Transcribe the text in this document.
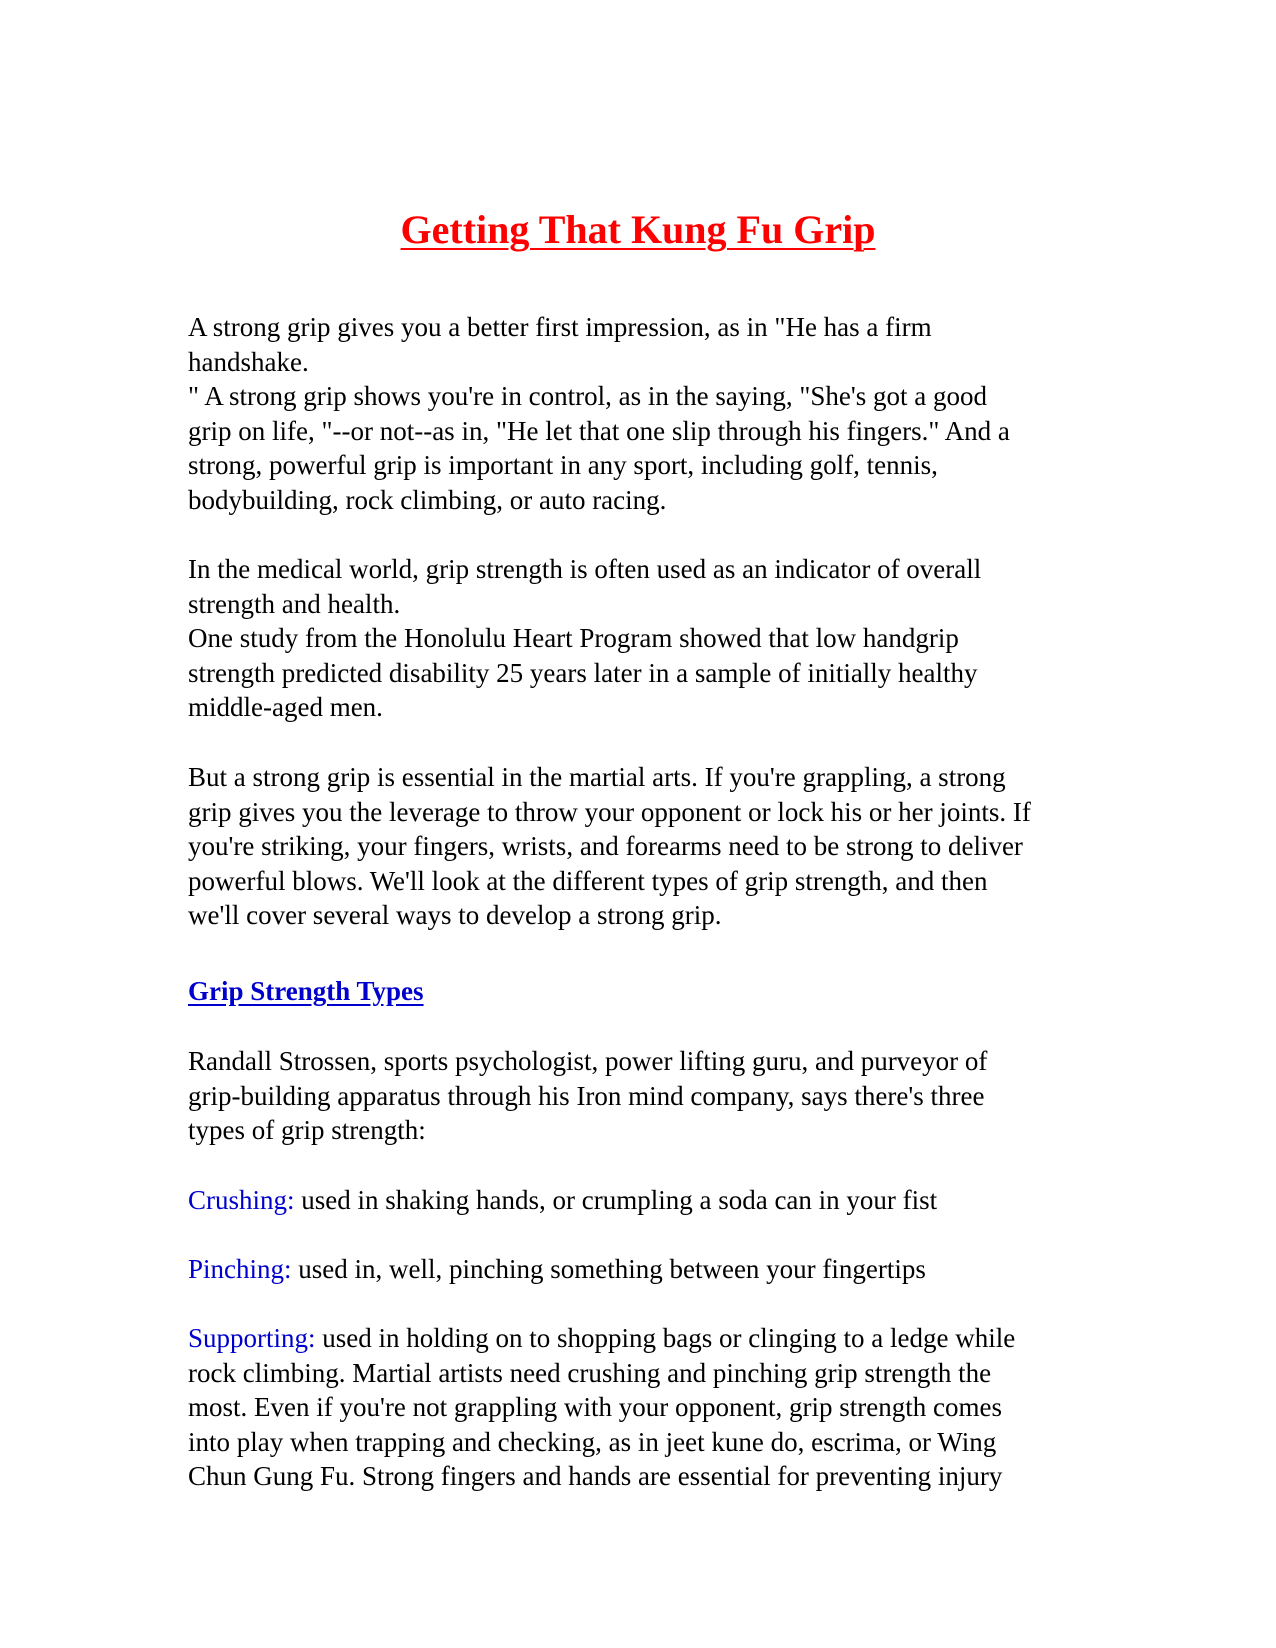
Getting That Kung Fu Grip
A strong grip gives you a better first impression, as in "He has a firm
handshake.
" A strong grip shows you're in control, as in the saying, "She's got a good
grip on life, "--or not--as in, "He let that one slip through his fingers." And a
strong, powerful grip is important in any sport, including golf, tennis,
bodybuilding, rock climbing, or auto racing.
In the medical world, grip strength is often used as an indicator of overall
strength and health.
One study from the Honolulu Heart Program showed that low handgrip
strength predicted disability 25 years later in a sample of initially healthy
middle-aged men.
But a strong grip is essential in the martial arts. If you're grappling, a strong
grip gives you the leverage to throw your opponent or lock his or her joints. If
you're striking, your fingers, wrists, and forearms need to be strong to deliver
powerful blows. We'll look at the different types of grip strength, and then
we'll cover several ways to develop a strong grip.
Grip Strength Types
Randall Strossen, sports psychologist, power lifting guru, and purveyor of
grip-building apparatus through his Iron mind company, says there's three
types of grip strength:
Crushing: used in shaking hands, or crumpling a soda can in your fist
Pinching: used in, well, pinching something between your fingertips
Supporting: used in holding on to shopping bags or clinging to a ledge while
rock climbing. Martial artists need crushing and pinching grip strength the
most. Even if you're not grappling with your opponent, grip strength comes
into play when trapping and checking, as in jeet kune do, escrima, or Wing
Chun Gung Fu. Strong fingers and hands are essential for preventing injury
